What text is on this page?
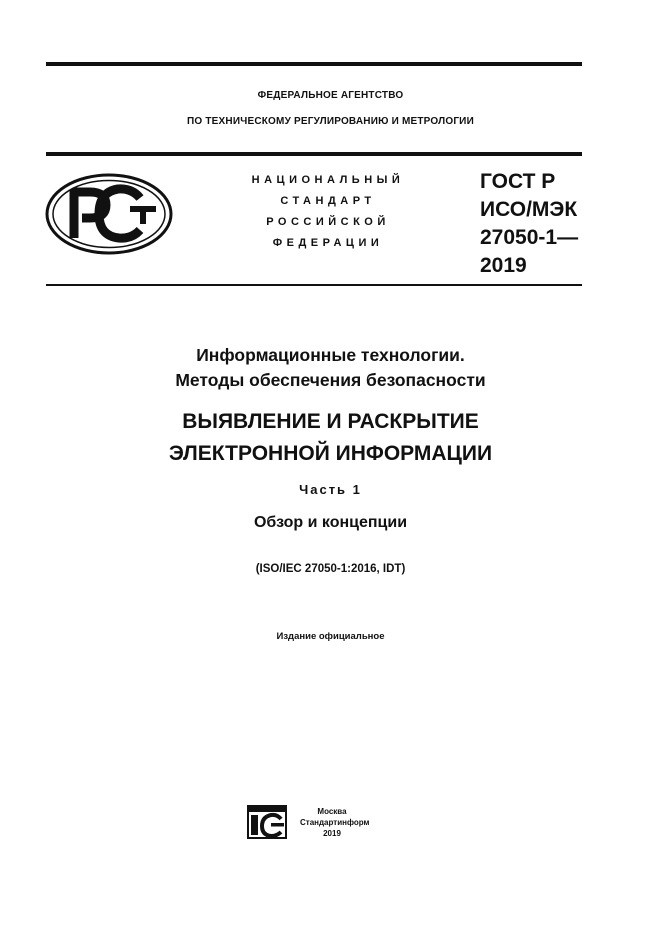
ФЕДЕРАЛЬНОЕ АГЕНТСТВО
ПО ТЕХНИЧЕСКОМУ РЕГУЛИРОВАНИЮ И МЕТРОЛОГИИ
НАЦИОНАЛЬНЫЙ
СТАНДАРТ
РОССИЙСКОЙ
ФЕДЕРАЦИИ
ГОСТ Р
ИСО/МЭК
27050-1—
2019
Информационные технологии.
Методы обеспечения безопасности
ВЫЯВЛЕНИЕ И РАСКРЫТИЕ
ЭЛЕКТРОННОЙ ИНФОРМАЦИИ
Часть 1
Обзор и концепции
(ISO/IEC 27050-1:2016, IDT)
Издание официальное
Москва
Стандартинформ
2019
